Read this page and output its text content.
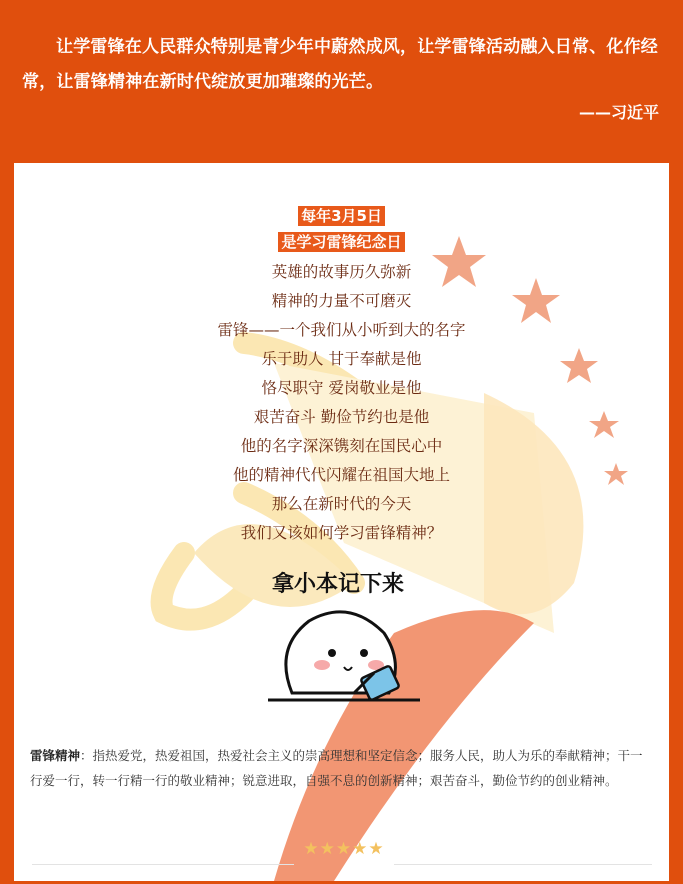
让学雷锋在人民群众特别是青少年中蔚然成风，让学雷锋活动融入日常、化作经常，让雷锋精神在新时代绽放更加璀璨的光芒。

——习近平
每年3月5日
是学习雷锋纪念日

英雄的故事历久弥新

精神的力量不可磨灭

雷锋——一个我们从小听到大的名字

乐于助人 甘于奉献是他

恪尽职守 爱岗敬业是他

艰苦奋斗 勤俭节约也是他

他的名字深深镌刻在国民心中

他的精神代代闪耀在祖国大地上

那么在新时代的今天

我们又该如何学习雷锋精神？

拿小本记下来

雷锋精神：指热爱党，热爱祖国，热爱社会主义的崇高理想和坚定信念；服务人民，助人为乐的奉献精神；干一行爱一行，转一行精一行的敬业精神；锐意进取，自强不息的创新精神；艰苦奋斗，勤俭节约的创业精神。

★★★★★
